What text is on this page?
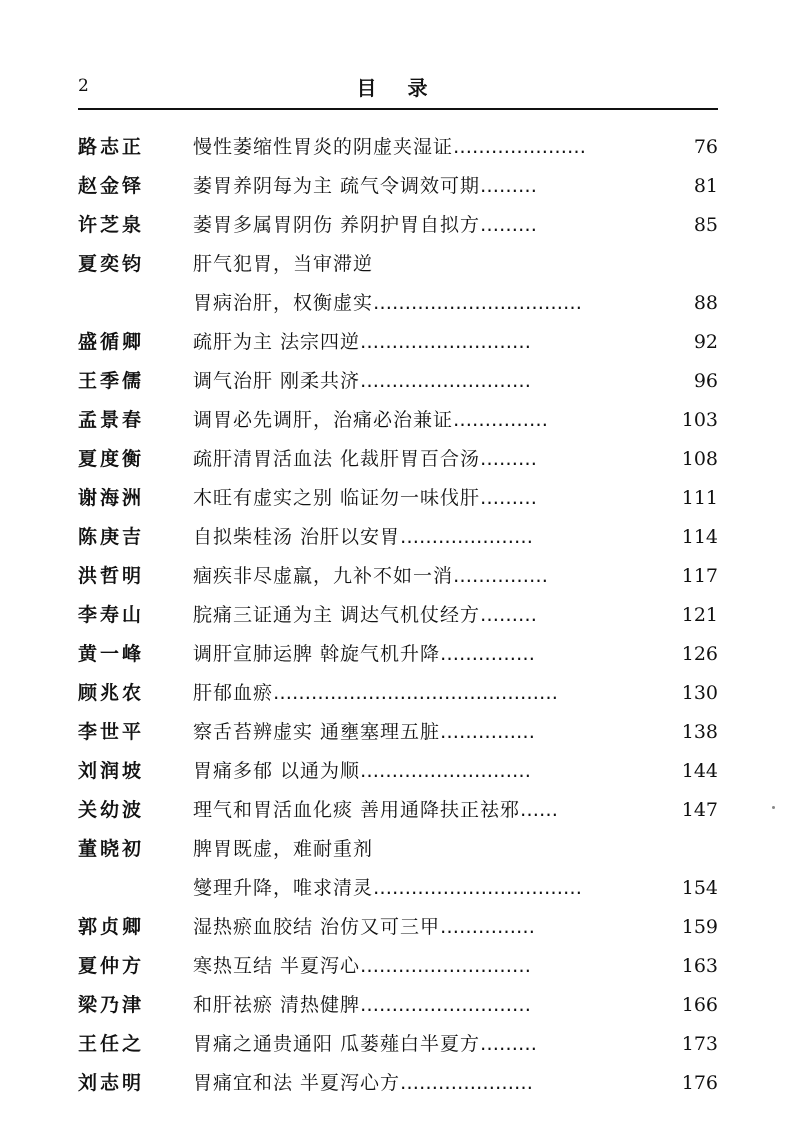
2	目 录
路志正	慢性萎缩性胃炎的阴虚夹湿证…………………	76
赵金铎	萎胃养阴每为主 疏气令调效可期………	81
许芝泉	萎胃多属胃阴伤 养阴护胃自拟方………	85
夏奕钧	肝气犯胃，当审滞逆
胃病治肝，权衡虚实……………………………	88
盛循卿	疏肝为主 法宗四逆………………………	92
王季儒	调气治肝 刚柔共济………………………	96
孟景春	调胃必先调肝，治痛必治兼证……………	103
夏度衡	疏肝清胃活血法 化裁肝胃百合汤………	108
谢海洲	木旺有虚实之别 临证勿一味伐肝………	111
陈庚吉	自拟柴桂汤 治肝以安胃…………………	114
洪哲明	痼疾非尽虚羸，九补不如一消……………	117
李寿山	脘痛三证通为主 调达气机仗经方………	121
黄一峰	调肝宣肺运脾 斡旋气机升降……………	126
顾兆农	肝郁血瘀………………………………………	130
李世平	察舌苔辨虚实 通壅塞理五脏……………	138
刘润坡	胃痛多郁 以通为顺………………………	144
关幼波	理气和胃活血化痰 善用通降扶正祛邪……	147
董晓初	脾胃既虚，难耐重剂
燮理升降，唯求清灵……………………………	154
郭贞卿	湿热瘀血胶结 治仿又可三甲……………	159
夏仲方	寒热互结 半夏泻心………………………	163
梁乃津	和肝祛瘀 清热健脾………………………	166
王任之	胃痛之通贵通阳 瓜蒌薤白半夏方………	173
刘志明	胃痛宜和法 半夏泻心方…………………	176
